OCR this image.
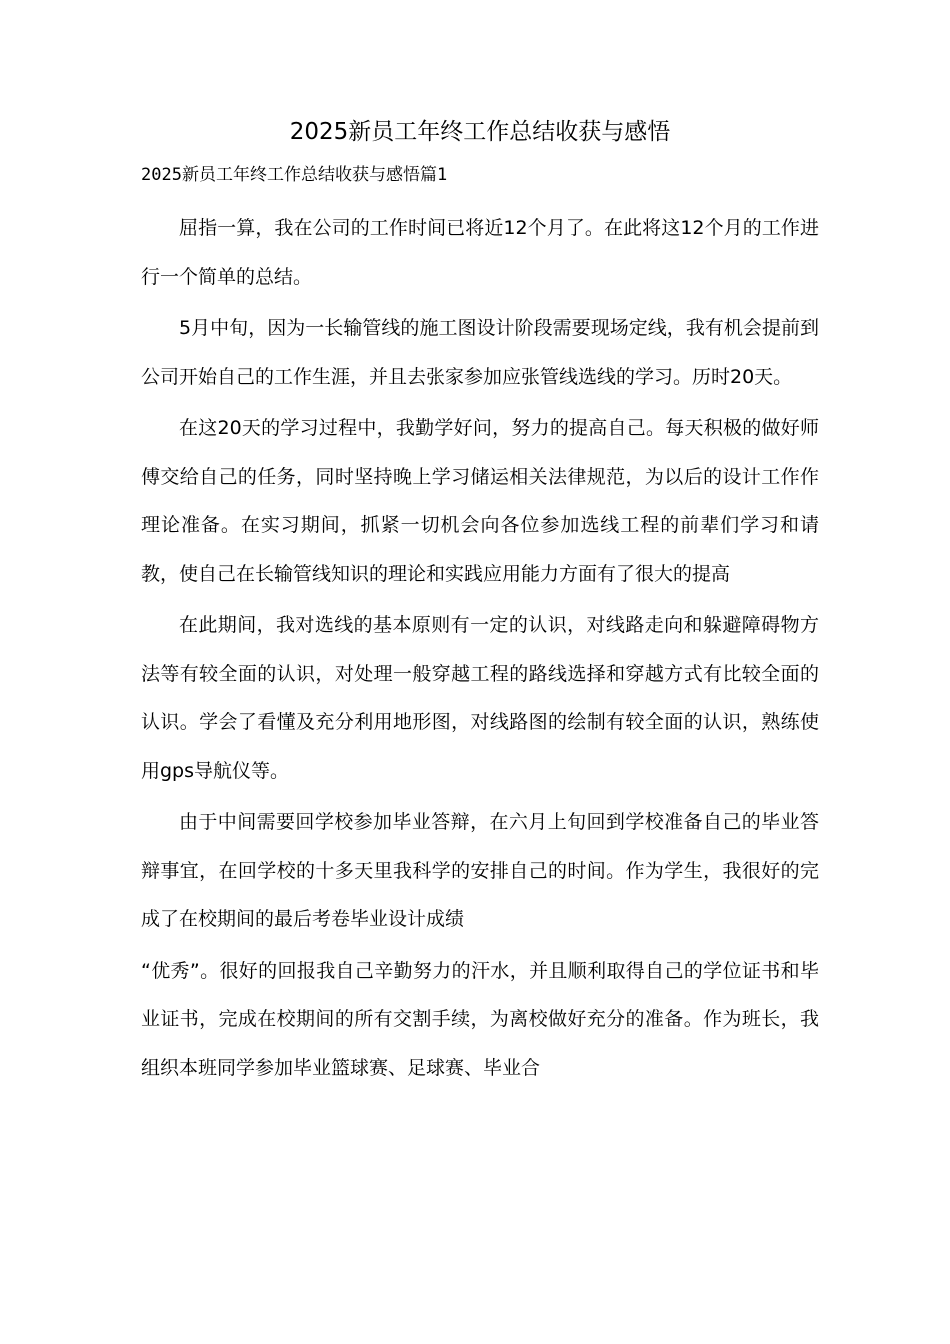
2025新员工年终工作总结收获与感悟
2025新员工年终工作总结收获与感悟篇1

屈指一算，我在公司的工作时间已将近12个月了。在此将这12个月的工作进行一个简单的总结。

5月中旬，因为一长输管线的施工图设计阶段需要现场定线，我有机会提前到公司开始自己的工作生涯，并且去张家参加应张管线选线的学习。历时20天。

在这20天的学习过程中，我勤学好问，努力的提高自己。每天积极的做好师傅交给自己的任务，同时坚持晚上学习储运相关法律规范，为以后的设计工作作理论准备。在实习期间，抓紧一切机会向各位参加选线工程的前辈们学习和请教，使自己在长输管线知识的理论和实践应用能力方面有了很大的提高

在此期间，我对选线的基本原则有一定的认识，对线路走向和躲避障碍物方法等有较全面的认识，对处理一般穿越工程的路线选择和穿越方式有比较全面的认识。学会了看懂及充分利用地形图，对线路图的绘制有较全面的认识，熟练使用gps导航仪等。

由于中间需要回学校参加毕业答辩，在六月上旬回到学校准备自己的毕业答辩事宜，在回学校的十多天里我科学的安排自己的时间。作为学生，我很好的完成了在校期间的最后考卷毕业设计成绩

“优秀”。很好的回报我自己辛勤努力的汗水，并且顺利取得自己的学位证书和毕业证书，完成在校期间的所有交割手续，为离校做好充分的准备。作为班长，我组织本班同学参加毕业篮球赛、足球赛、毕业合
